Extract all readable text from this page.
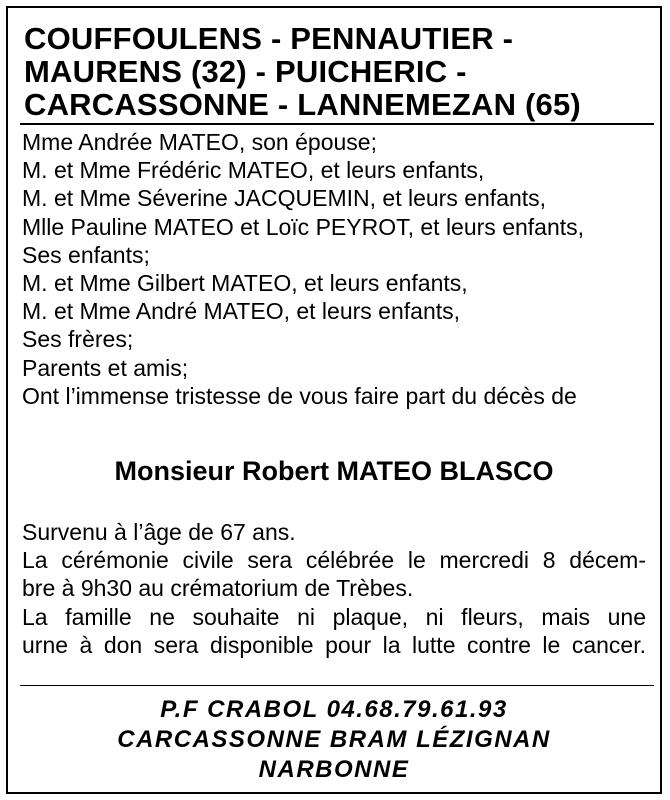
COUFFOULENS - PENNAUTIER -
MAURENS (32) - PUICHERIC -
CARCASSONNE - LANNEMEZAN (65)
Mme Andrée MATEO, son épouse;
M. et Mme Frédéric MATEO, et leurs enfants,
M. et Mme Séverine JACQUEMIN, et leurs enfants,
Mlle Pauline MATEO et Loïc PEYROT, et leurs enfants,
Ses enfants;
M. et Mme Gilbert MATEO, et leurs enfants,
M. et Mme André MATEO, et leurs enfants,
Ses frères;
Parents et amis;
Ont l’immense tristesse de vous faire part du décès de
Monsieur Robert MATEO BLASCO
Survenu à l’âge de 67 ans.
La cérémonie civile sera célébrée le mercredi 8 décem-
bre à 9h30 au crématorium de Trèbes.
La famille ne souhaite ni plaque, ni fleurs, mais une
urne à don sera disponible pour la lutte contre le cancer.
P.F CRABOL 04.68.79.61.93
CARCASSONNE BRAM LÉZIGNAN
NARBONNE
